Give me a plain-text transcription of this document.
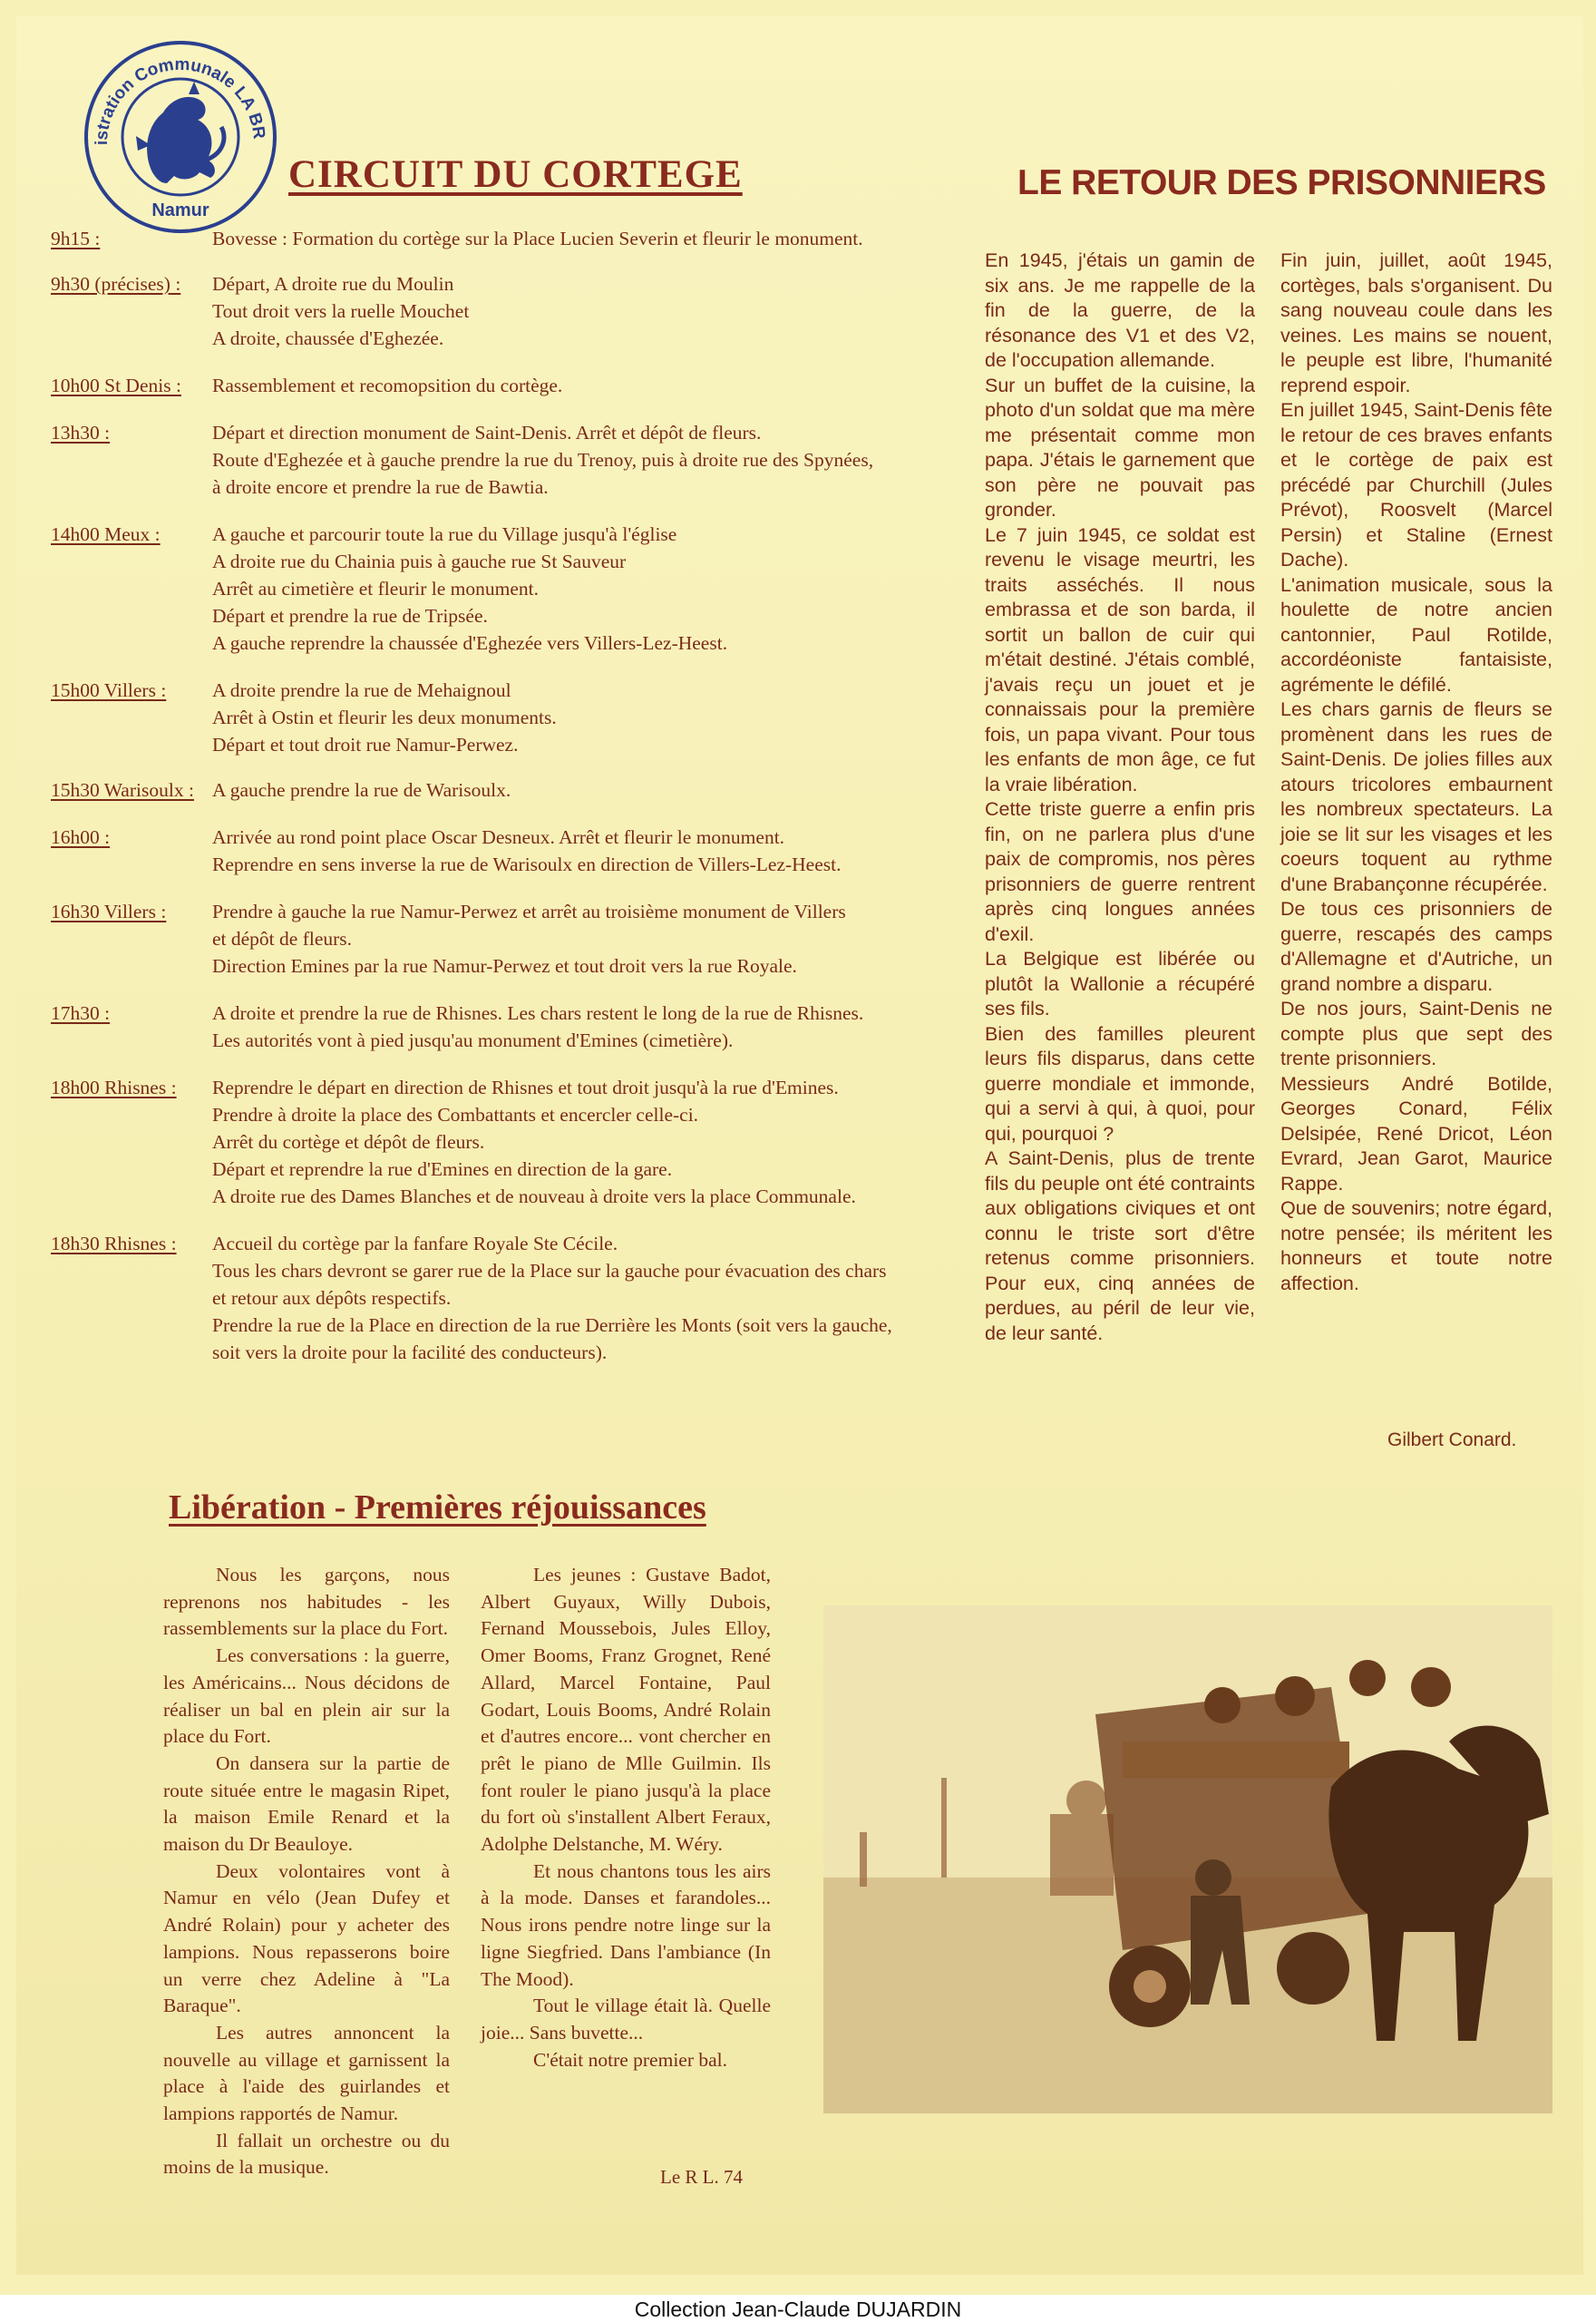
istration Communale LA BR
Namur
CIRCUIT DU CORTEGE	LE RETOUR DES PRISONNIERS
9h15 :	Bovesse : Formation du cortège sur la Place Lucien Severin et fleurir le monument.
9h30 (précises) : Départ, A droite rue du Moulin
Tout droit vers la ruelle Mouchet
A droite, chaussée d'Eghezée.
10h00 St Denis : Rassemblement et recomopsition du cortège.
13h30 :	Départ et direction monument de Saint-Denis. Arrêt et dépôt de fleurs.
Route d'Eghezée et à gauche prendre la rue du Trenoy, puis à droite rue des Spynées,
à droite encore et prendre la rue de Bawtia.
14h00 Meux :	A gauche et parcourir toute la rue du Village jusqu'à l'église
A droite rue du Chainia puis à gauche rue St Sauveur
Arrêt au cimetière et fleurir le monument.
Départ et prendre la rue de Tripsée.
A gauche reprendre la chaussée d'Eghezée vers Villers-Lez-Heest.
15h00 Villers : A droite prendre la rue de Mehaignoul
Arrêt à Ostin et fleurir les deux monuments.
Départ et tout droit rue Namur-Perwez.
15h30 Warisoulx : A gauche prendre la rue de Warisoulx.
16h00 :	Arrivée au rond point place Oscar Desneux. Arrêt et fleurir le monument.
Reprendre en sens inverse la rue de Warisoulx en direction de Villers-Lez-Heest.
16h30 Villers : Prendre à gauche la rue Namur-Perwez et arrêt au troisième monument de Villers
et dépôt de fleurs.
Direction Emines par la rue Namur-Perwez et tout droit vers la rue Royale.
17h30 :	A droite et prendre la rue de Rhisnes. Les chars restent le long de la rue de Rhisnes.
Les autorités vont à pied jusqu'au monument d'Emines (cimetière).
18h00 Rhisnes : Reprendre le départ en direction de Rhisnes et tout droit jusqu'à la rue d'Emines.
Prendre à droite la place des Combattants et encercler celle-ci.
Arrêt du cortège et dépôt de fleurs.
Départ et reprendre la rue d'Emines en direction de la gare.
A droite rue des Dames Blanches et de nouveau à droite vers la place Communale.
18h30 Rhisnes : Accueil du cortège par la fanfare Royale Ste Cécile.
Tous les chars devront se garer rue de la Place sur la gauche pour évacuation des chars
et retour aux dépôts respectifs.
Prendre la rue de la Place en direction de la rue Derrière les Monts (soit vers la gauche,
soit vers la droite pour la facilité des conducteurs).

En 1945, j'étais un gamin de six ans. Je me rappelle de la fin de la guerre, de la résonance des V1 et des V2, de l'occupation allemande.

Sur un buffet de la cuisine, la photo d'un soldat que ma mère me présentait comme mon papa. J'étais le garnement que son père ne pouvait pas gronder.

Le 7 juin 1945, ce soldat est revenu le visage meurtri, les traits asséchés. Il nous embrassa et de son barda, il sortit un ballon de cuir qui m'était destiné. J'étais comblé, j'avais reçu un jouet et je connaissais pour la première fois, un papa vivant. Pour tous les enfants de mon âge, ce fut la vraie libération.

Cette triste guerre a enfin pris fin, on ne parlera plus d'une paix de compromis, nos pères prisonniers de guerre rentrent après cinq longues années d'exil.

La Belgique est libérée ou plutôt la Wallonie a récupéré ses fils.

Bien des familles pleurent leurs fils disparus, dans cette guerre mondiale et immonde, qui a servi à qui, à quoi, pour qui, pourquoi ?

A Saint-Denis, plus de trente fils du peuple ont été contraints aux obligations civiques et ont connu le triste sort d'être retenus comme prisonniers. Pour eux, cinq années de perdues, au péril de leur vie, de leur santé.

Fin juin, juillet, août 1945, cortèges, bals s'organisent. Du sang nouveau coule dans les veines. Les mains se nouent, le peuple est libre, l'humanité reprend espoir.

En juillet 1945, Saint-Denis fête le retour de ces braves enfants et le cortège de paix est précédé par Churchill (Jules Prévot), Roosvelt (Marcel Persin) et Staline (Ernest Dache).

L'animation musicale, sous la houlette de notre ancien cantonnier, Paul Rotilde, accordéoniste fantaisiste, agrémente le défilé.

Les chars garnis de fleurs se promènent dans les rues de Saint-Denis. De jolies filles aux atours tricolores embaurnent les nombreux spectateurs. La joie se lit sur les visages et les coeurs toquent au rythme d'une Brabançonne récupérée.

De tous ces prisonniers de guerre, rescapés des camps d'Allemagne et d'Autriche, un grand nombre a disparu.

De nos jours, Saint-Denis ne compte plus que sept des trente prisonniers.

Messieurs André Botilde, Georges Conard, Félix Delsipée, René Dricot, Léon Evrard, Jean Garot, Maurice Rappe.

Que de souvenirs; notre égard, notre pensée; ils méritent les honneurs et toute notre affection.

Gilbert Conard.
Libération - Premières réjouissances

Nous les garçons, nous reprenons nos habitudes - les rassemblements sur la place du Fort.

Les conversations : la guerre, les Américains... Nous décidons de réaliser un bal en plein air sur la place du Fort.

On dansera sur la partie de route située entre le magasin Ripet, la maison Emile Renard et la maison du Dr Beauloye.

Deux volontaires vont à Namur en vélo (Jean Dufey et André Rolain) pour y acheter des lampions. Nous repasserons boire un verre chez Adeline à "La Baraque".

Les autres annoncent la nouvelle au village et garnissent la place à l'aide des guirlandes et lampions rapportés de Namur.

Il fallait un orchestre ou du moins de la musique.

Les jeunes : Gustave Badot, Albert Guyaux, Willy Dubois, Fernand Moussebois, Jules Elloy, Omer Booms, Franz Grognet, René Allard, Marcel Fontaine, Paul Godart, Louis Booms, André Rolain et d'autres encore... vont chercher en prêt le piano de Mlle Guilmin. Ils font rouler le piano jusqu'à la place du fort où s'installent Albert Feraux, Adolphe Delstanche, M. Wéry.

Et nous chantons tous les airs à la mode. Danses et farandoles... Nous irons pendre notre linge sur la ligne Siegfried. Dans l'ambiance (In The Mood).

Tout le village était là. Quelle joie... Sans buvette...

C'était notre premier bal.

Le R L. 74
Collection Jean-Claude DUJARDIN
